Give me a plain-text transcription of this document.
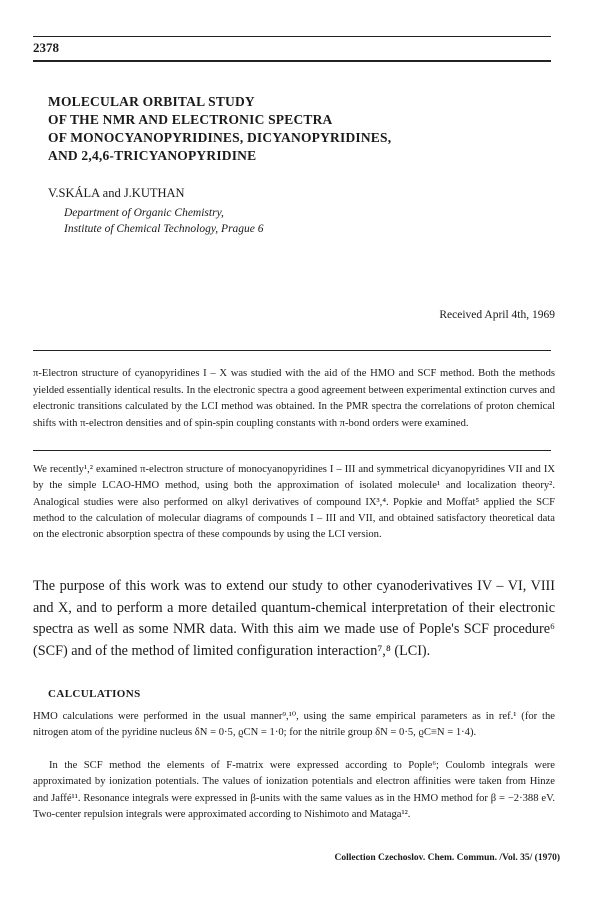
2378
MOLECULAR ORBITAL STUDY
OF THE NMR AND ELECTRONIC SPECTRA
OF MONOCYANOPYRIDINES, DICYANOPYRIDINES,
AND 2,4,6-TRICYANOPYRIDINE
V.SKÁLA and J.KUTHAN
Department of Organic Chemistry,
Institute of Chemical Technology, Prague 6
Received April 4th, 1969

π-Electron structure of cyanopyridines I – X was studied with the aid of the HMO and SCF method. Both the methods yielded essentially identical results. In the electronic spectra a good agreement between experimental extinction curves and electronic transitions calculated by the LCI method was obtained. In the PMR spectra the correlations of proton chemical shifts with π-electron densities and of spin-spin coupling constants with π-bond orders were examined.

We recently¹,² examined π-electron structure of monocyanopyridines I – III and symmetrical dicyanopyridines VII and IX by the simple LCAO-HMO method, using both the approximation of isolated molecule¹ and localization theory². Analogical studies were also performed on alkyl derivatives of compound IX³,⁴. Popkie and Moffat⁵ applied the SCF method to the calculation of molecular diagrams of compounds I – III and VII, and obtained satisfactory theoretical data on the electronic absorption spectra of these compounds by using the LCI version.

The purpose of this work was to extend our study to other cyanoderivatives IV – VI, VIII and X, and to perform a more detailed quantum-chemical interpretation of their electronic spectra as well as some NMR data. With this aim we made use of Pople's SCF procedure⁶ (SCF) and of the method of limited configuration interaction⁷,⁸ (LCI).

CALCULATIONS

HMO calculations were performed in the usual manner⁹,¹⁰, using the same empirical parameters as in ref.¹ (for the nitrogen atom of the pyridine nucleus δN = 0·5, ϱCN = 1·0; for the nitrile group δN = 0·5, ϱC≡N = 1·4).

In the SCF method the elements of F-matrix were expressed according to Pople⁶; Coulomb integrals were approximated by ionization potentials. The values of ionization potentials and electron affinities were taken from Hinze and Jaffé¹¹. Resonance integrals were expressed in β-units with the same values as in the HMO method for β = −2·388 eV. Two-center repulsion integrals were approximated according to Nishimoto and Mataga¹².

Collection Czechoslov. Chem. Commun. /Vol. 35/ (1970)
